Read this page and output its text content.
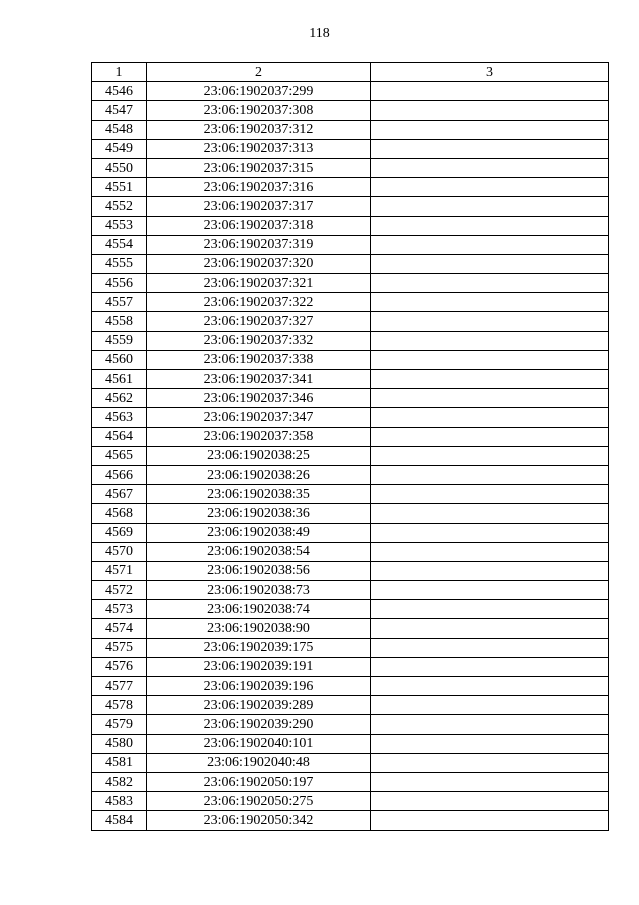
118
1	2	3
4546	23:06:1902037:299	
4547	23:06:1902037:308	
4548	23:06:1902037:312	
4549	23:06:1902037:313	
4550	23:06:1902037:315	
4551	23:06:1902037:316	
4552	23:06:1902037:317	
4553	23:06:1902037:318	
4554	23:06:1902037:319	
4555	23:06:1902037:320	
4556	23:06:1902037:321	
4557	23:06:1902037:322	
4558	23:06:1902037:327	
4559	23:06:1902037:332	
4560	23:06:1902037:338	
4561	23:06:1902037:341	
4562	23:06:1902037:346	
4563	23:06:1902037:347	
4564	23:06:1902037:358	
4565	23:06:1902038:25	
4566	23:06:1902038:26	
4567	23:06:1902038:35	
4568	23:06:1902038:36	
4569	23:06:1902038:49	
4570	23:06:1902038:54	
4571	23:06:1902038:56	
4572	23:06:1902038:73	
4573	23:06:1902038:74	
4574	23:06:1902038:90	
4575	23:06:1902039:175	
4576	23:06:1902039:191	
4577	23:06:1902039:196	
4578	23:06:1902039:289	
4579	23:06:1902039:290	
4580	23:06:1902040:101	
4581	23:06:1902040:48	
4582	23:06:1902050:197	
4583	23:06:1902050:275	
4584	23:06:1902050:342	
